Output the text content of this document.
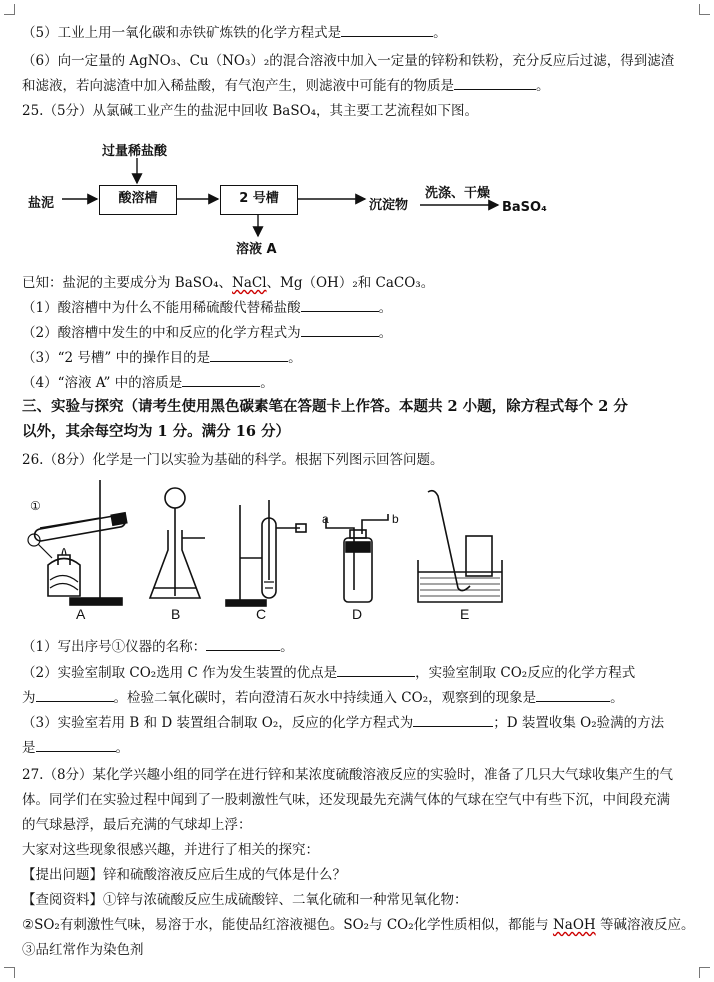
（5）工业上用一氧化碳和赤铁矿炼铁的化学方程式是	。
（6）向一定量的 AgNO₃、Cu（NO₃）₂的混合溶液中加入一定量的锌粉和铁粉，充分反应后过滤，得到滤渣
和滤液，若向滤渣中加入稀盐酸，有气泡产生，则滤液中可能有的物质是	。
25.（5分）从氯碱工业产生的盐泥中回收 BaSO₄，其主要工艺流程如下图。
过量稀盐酸
盐泥	酸溶槽	2 号槽
溶液 A
沉淀物
洗涤、干燥
BaSO₄
已知：盐泥的主要成分为 BaSO₄、NaCl、Mg（OH）₂和 CaCO₃。
（1）酸溶槽中为什么不能用稀硫酸代替稀盐酸	。
（2）酸溶槽中发生的中和反应的化学方程式为	。
（3）“2 号槽” 中的操作目的是	。
（4）“溶液 A” 中的溶质是	。
三、实验与探究（请考生使用黑色碳素笔在答题卡上作答。本题共 2 小题，除方程式每个 2 分
以外，其余每空均为 1 分。满分 16 分）
26.（8分）化学是一门以实验为基础的科学。根据下列图示回答问题。
①
a	b
A	B	C	D	E
（1）写出序号①仪器的名称：	。
（2）实验室制取 CO₂选用 C 作为发生装置的优点是	，实验室制取 CO₂反应的化学方程式
为	。检验二氧化碳时，若向澄清石灰水中持续通入 CO₂，观察到的现象是	。
（3）实验室若用 B 和 D 装置组合制取 O₂，反应的化学方程式为	；D 装置收集 O₂验满的方法
是	。
27.（8分）某化学兴趣小组的同学在进行锌和某浓度硫酸溶液反应的实验时，准备了几只大气球收集产生的气
体。同学们在实验过程中闻到了一股刺激性气味，还发现最先充满气体的气球在空气中有些下沉，中间段充满
的气球悬浮，最后充满的气球却上浮：
大家对这些现象很感兴趣，并进行了相关的探究：
【提出问题】锌和硫酸溶液反应后生成的气体是什么？
【查阅资料】①锌与浓硫酸反应生成硫酸锌、二氧化硫和一种常见氧化物：
②SO₂有刺激性气味，易溶于水，能使品红溶液褪色。SO₂与 CO₂化学性质相似，都能与 NaOH 等碱溶液反应。
③品红常作为染色剂
